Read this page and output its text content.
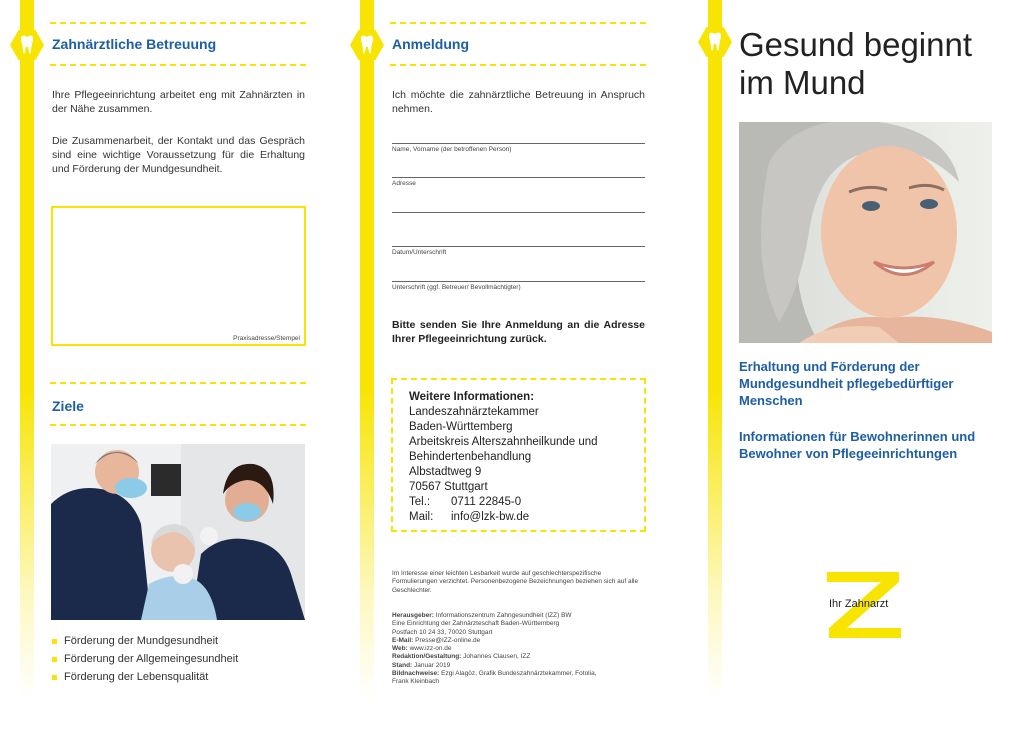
Zahnärztliche Betreuung
Ihre Pflegeeinrichtung arbeitet eng mit Zahnärzten in der Nähe zusammen.
Die Zusammenarbeit, der Kontakt und das Gespräch sind eine wichtige Voraussetzung für die Erhaltung und Förderung der Mundgesundheit.
Praxisadresse/Stempel
Ziele
Förderung der Mundgesundheit
Förderung der Allgemeingesundheit
Förderung der Lebensqualität
Anmeldung
Ich möchte die zahnärztliche Betreuung in Anspruch nehmen.
Name, Vorname (der betroffenen Person)
Adresse
Datum/Unterschrift
Unterschrift (ggf. Betreuer/ Bevollmächtigter)
Bitte senden Sie Ihre Anmeldung an die Adresse Ihrer Pflegeeinrichtung zurück.
Weitere Informationen:
Landeszahnärztekammer
Baden-Württemberg
Arbeitskreis Alterszahnheilkunde und
Behindertenbehandlung
Albstadtweg 9
70567 Stuttgart
Tel.: 0711 22845-0
Mail: info@lzk-bw.de
Im Interesse einer leichten Lesbarkeit wurde auf geschlechterspezifische Formulierungen verzichtet. Personenbezogene Bezeichnungen beziehen sich auf alle Geschlechter.
Herausgeber: Informationszentrum Zahngesundheit (IZZ) BW
Eine Einrichtung der Zahnärzteschaft Baden-Württemberg
Postfach 10 24 33, 70020 Stuttgart
E-Mail: Presse@IZZ-online.de
Web: www.izz-on.de
Redaktion/Gestaltung: Johannes Clausen, IZZ
Stand: Januar 2019
Bildnachweise: Ezgi Alagöz, Grafik Bundeszahnärztekammer, Fotolia,
Frank Kleinbach
Gesund beginnt
im Mund
Erhaltung und Förderung der Mundgesundheit pflegebedürftiger Menschen
Informationen für Bewohnerinnen und Bewohner von Pflegeeinrichtungen
Ihr Zahnarzt
